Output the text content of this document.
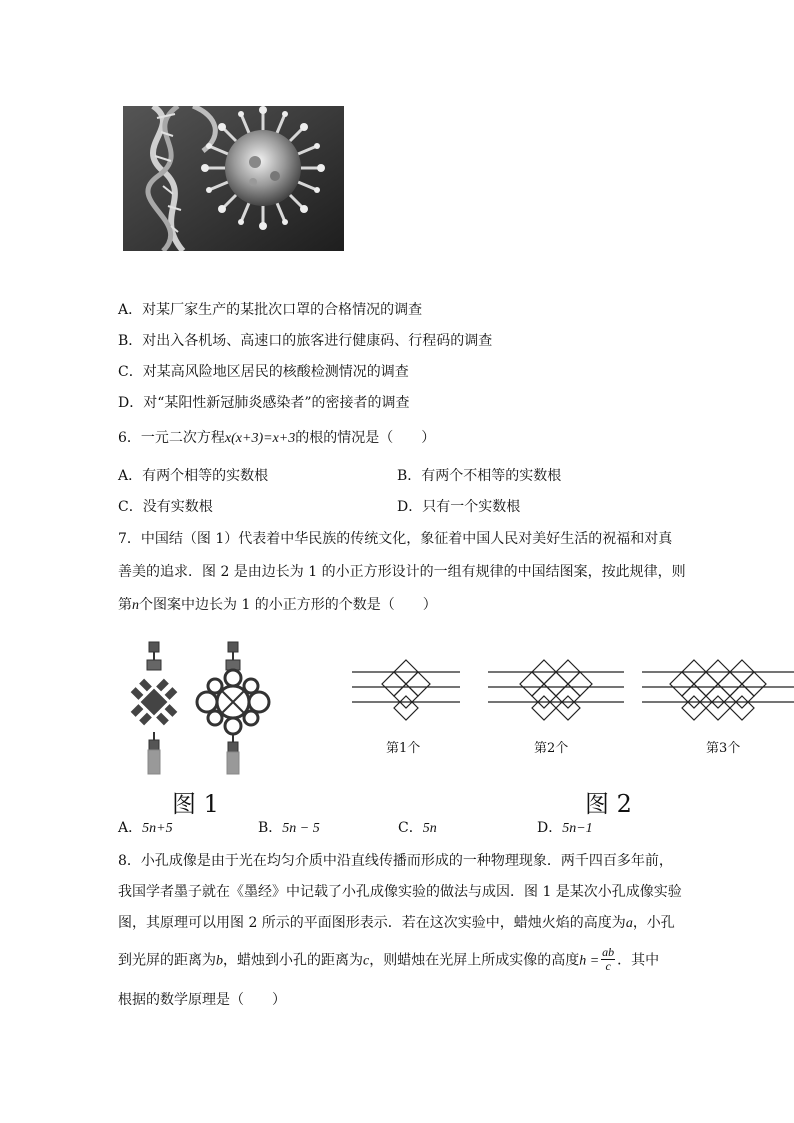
A．对某厂家生产的某批次口罩的合格情况的调查
B．对出入各机场、高速口的旅客进行健康码、行程码的调查
C．对某高风险地区居民的核酸检测情况的调查
D．对“某阳性新冠肺炎感染者”的密接者的调查
6．一元二次方程x(x+3)=x+3的根的情况是（　　）
A．有两个相等的实数根	B．有两个不相等的实数根
C．没有实数根	D．只有一个实数根
7．中国结（图 1）代表着中华民族的传统文化，象征着中国人民对美好生活的祝福和对真
善美的追求．图 2 是由边长为 1 的小正方形设计的一组有规律的中国结图案，按此规律，则
第n个图案中边长为 1 的小正方形的个数是（　　）
图 1
第1个	第2个	第3个
图 2
A．5n+5	B．5n − 5	C．5n	D．5n−1
8．小孔成像是由于光在均匀介质中沿直线传播而形成的一种物理现象．两千四百多年前，
我国学者墨子就在《墨经》中记载了小孔成像实验的做法与成因．图 1 是某次小孔成像实验
图，其原理可以用图 2 所示的平面图形表示．若在这次实验中，蜡烛火焰的高度为a，小孔
到光屏的距离为b，蜡烛到小孔的距离为c，则蜡烛在光屏上所成实像的高度$h = \frac{ab}{c}$ ．其中
根据的数学原理是（　　）
